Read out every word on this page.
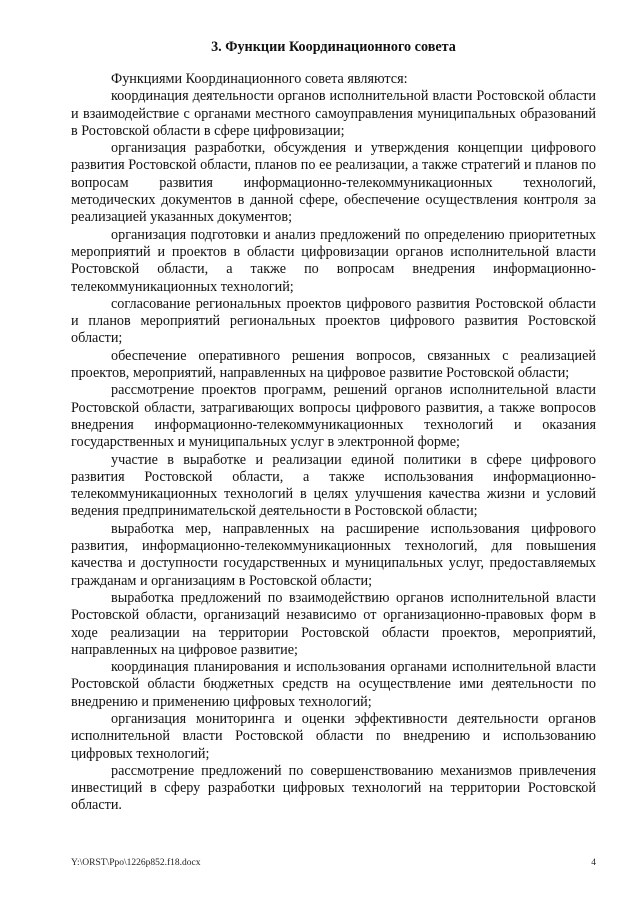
3. Функции Координационного совета

Функциями Координационного совета являются:

координация деятельности органов исполнительной власти Ростовской области и взаимодействие с органами местного самоуправления муниципальных образований в Ростовской области в сфере цифровизации;

организация разработки, обсуждения и утверждения концепции цифрового развития Ростовской области, планов по ее реализации, а также стратегий и планов по вопросам развития информационно-телекоммуникационных технологий, методических документов в данной сфере, обеспечение осуществления контроля за реализацией указанных документов;

организация подготовки и анализ предложений по определению приоритетных мероприятий и проектов в области цифровизации органов исполнительной власти Ростовской области, а также по вопросам внедрения информационно-телекоммуникационных технологий;

согласование региональных проектов цифрового развития Ростовской области и планов мероприятий региональных проектов цифрового развития Ростовской области;

обеспечение оперативного решения вопросов, связанных с реализацией проектов, мероприятий, направленных на цифровое развитие Ростовской области;

рассмотрение проектов программ, решений органов исполнительной власти Ростовской области, затрагивающих вопросы цифрового развития, а также вопросов внедрения информационно-телекоммуникационных технологий и оказания государственных и муниципальных услуг в электронной форме;

участие в выработке и реализации единой политики в сфере цифрового развития Ростовской области, а также использования информационно-телекоммуникационных технологий в целях улучшения качества жизни и условий ведения предпринимательской деятельности в Ростовской области;

выработка мер, направленных на расширение использования цифрового развития, информационно-телекоммуникационных технологий, для повышения качества и доступности государственных и муниципальных услуг, предоставляемых гражданам и организациям в Ростовской области;

выработка предложений по взаимодействию органов исполнительной власти Ростовской области, организаций независимо от организационно-правовых форм в ходе реализации на территории Ростовской области проектов, мероприятий, направленных на цифровое развитие;

координация планирования и использования органами исполнительной власти Ростовской области бюджетных средств на осуществление ими деятельности по внедрению и применению цифровых технологий;

организация мониторинга и оценки эффективности деятельности органов исполнительной власти Ростовской области по внедрению и использованию цифровых технологий;

рассмотрение предложений по совершенствованию механизмов привлечения инвестиций в сферу разработки цифровых технологий на территории Ростовской области.

Y:\ORST\Ppo\1226p852.f18.docx	4
